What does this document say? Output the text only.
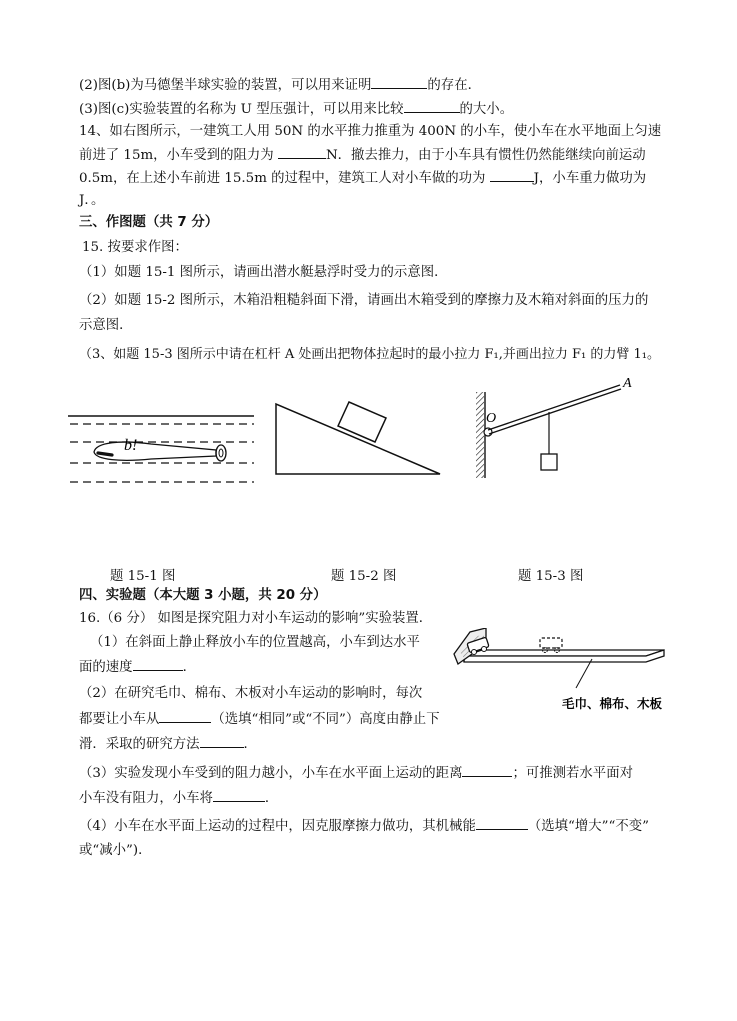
(2)图(b)为马德堡半球实验的装置，可以用来证明	的存在．
(3)图(c)实验装置的名称为 U 型压强计，可以用来比较	的大小。
14、如右图所示，一建筑工人用 50N 的水平推力推重为 400N 的小车，使小车在水平地面上匀速
前进了 15m，小车受到的阻力为	N．撤去推力，由于小车具有惯性仍然能继续向前运动
0.5m，在上述小车前进 15.5m 的过程中，建筑工人对小车做的功为	J，小车重力做功为
J．。
三、作图题（共 7 分）
15. 按要求作图：
（1）如题 15-1 图所示，请画出潜水艇悬浮时受力的示意图．
（2）如题 15-2 图所示，木箱沿粗糙斜面下滑，请画出木箱受到的摩擦力及木箱对斜面的压力的
示意图．
（3、如题 15-3 图所示中请在杠杆 A 处画出把物体拉起时的最小拉力 F₁,并画出拉力 F₁ 的力臂 1₁。
b!
O
A
题 15-1 图	题 15-2 图	题 15-3 图
四、实验题（本大题 3 小题，共 20 分）
16.（6 分） 如图是探究阻力对小车运动的影响”实验装置．
（1）在斜面上静止释放小车的位置越高，小车到达水平
面的速度	．
（2）在研究毛巾、棉布、木板对小车运动的影响时，每次
都要让小车从	（选填“相同”或“不同”）高度由静止下
滑．采取的研究方法	．
（3）实验发现小车受到的阻力越小，小车在水平面上运动的距离	；可推测若水平面对
小车没有阻力，小车将	．
（4）小车在水平面上运动的过程中，因克服摩擦力做功，其机械能	（选填“增大”“不变”
或“减小”)．
毛巾、棉布、木板
